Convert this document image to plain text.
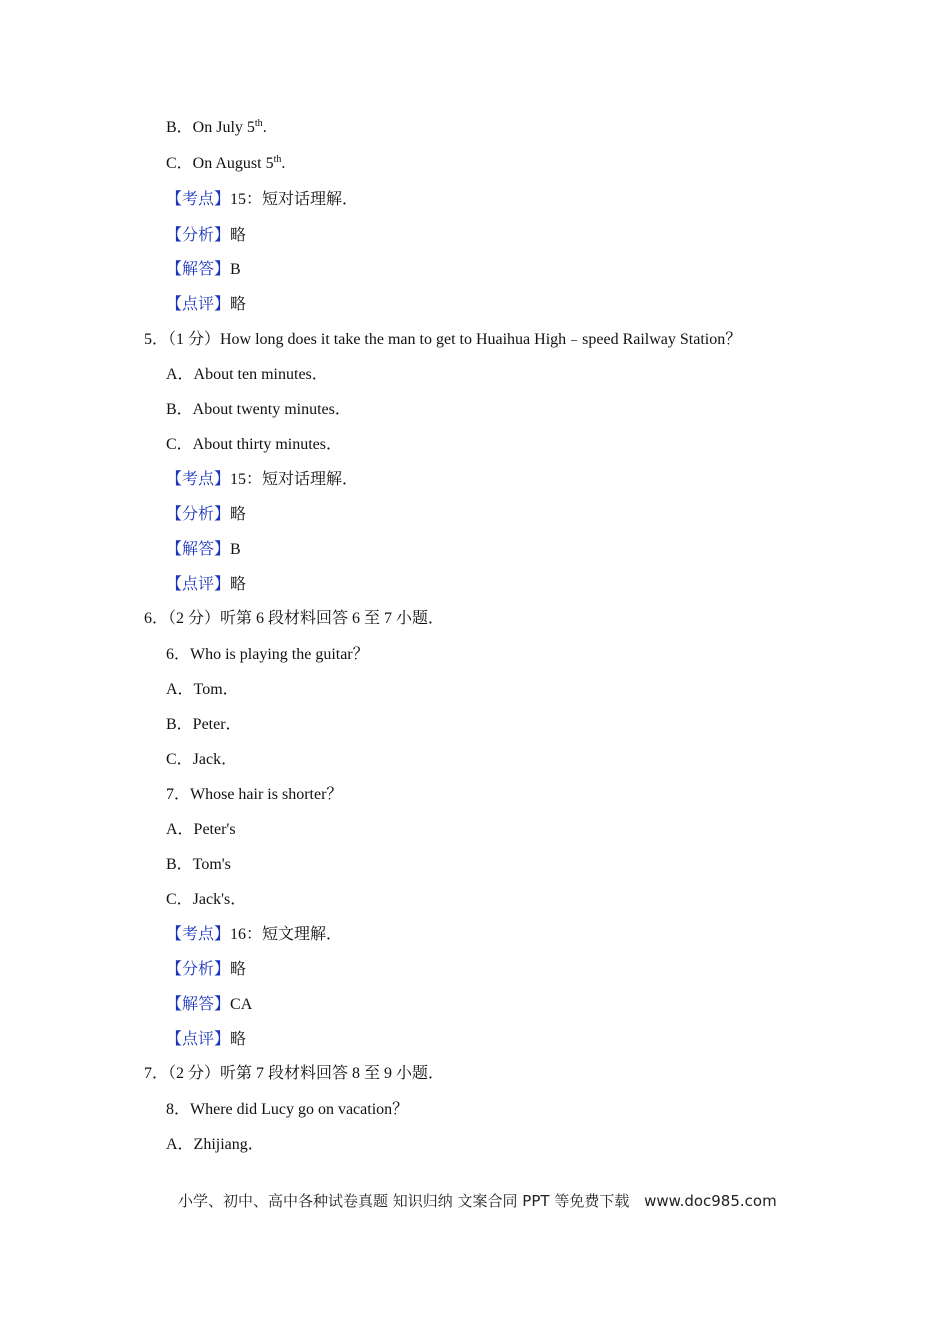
B．On July 5th.
C．On August 5th.
【考点】15：短对话理解．
【分析】略
【解答】B
【点评】略
5．（1 分）How long does it take the man to get to Huaihua High﹣speed Railway Station？
A．About ten minutes．
B．About twenty minutes．
C．About thirty minutes．
【考点】15：短对话理解．
【分析】略
【解答】B
【点评】略
6．（2 分）听第 6 段材料回答 6 至 7 小题．
6．Who is playing the guitar？
A．Tom．
B．Peter．
C．Jack．
7．Whose hair is shorter？
A．Peter's
B．Tom's
C．Jack's．
【考点】16：短文理解．
【分析】略
【解答】CA
【点评】略
7．（2 分）听第 7 段材料回答 8 至 9 小题．
8．Where did Lucy go on vacation？
A．Zhijiang．
小学、初中、高中各种试卷真题 知识归纳 文案合同 PPT 等免费下载 www.doc985.com
